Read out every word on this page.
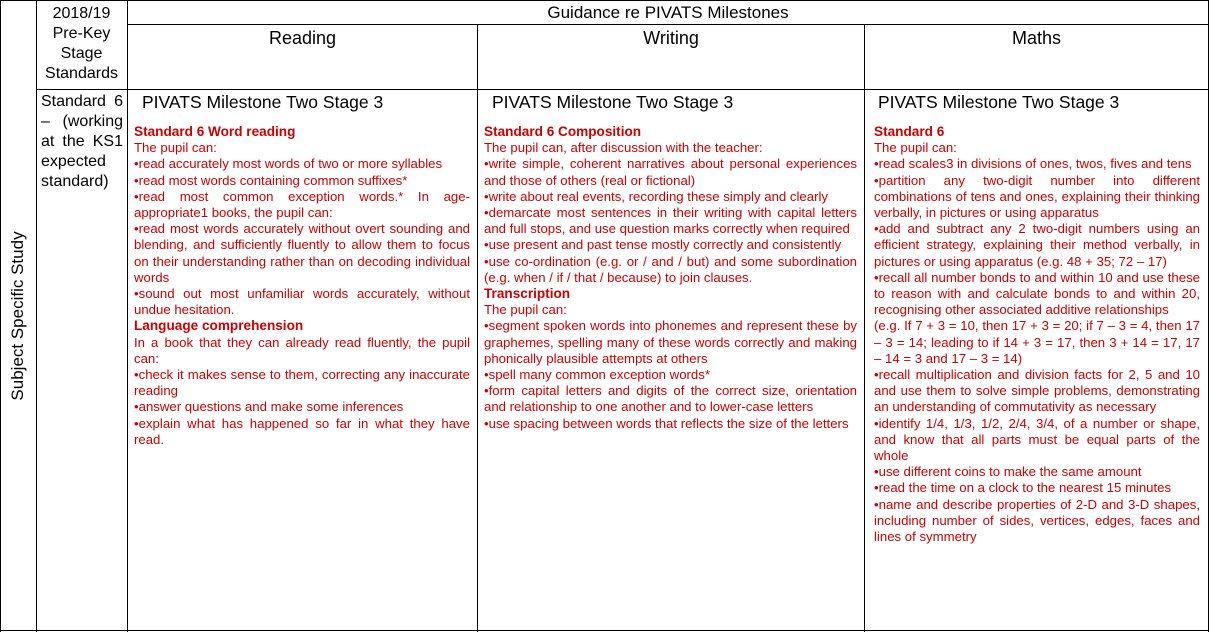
Subject Specific Study
2018/19 Pre-Key Stage Standards
Guidance re PIVATS Milestones
Reading	Writing	Maths
Standard 6 – (working at the KS1 expected standard)
PIVATS Milestone Two Stage 3
Standard 6 Word reading
The pupil can:
• read accurately most words of two or more syllables
• read most words containing common suffixes*
• read most common exception words.* In age-appropriate1 books, the pupil can:
• read most words accurately without overt sounding and blending, and sufficiently fluently to allow them to focus on their understanding rather than on decoding individual words
• sound out most unfamiliar words accurately, without undue hesitation.
Language comprehension
In a book that they can already read fluently, the pupil can:
• check it makes sense to them, correcting any inaccurate reading
• answer questions and make some inferences
• explain what has happened so far in what they have read.
PIVATS Milestone Two Stage 3
Standard 6 Composition
The pupil can, after discussion with the teacher:
• write simple, coherent narratives about personal experiences and those of others (real or fictional)
• write about real events, recording these simply and clearly
• demarcate most sentences in their writing with capital letters and full stops, and use question marks correctly when required
• use present and past tense mostly correctly and consistently
• use co-ordination (e.g. or / and / but) and some subordination (e.g. when / if / that / because) to join clauses.
Transcription
The pupil can:
• segment spoken words into phonemes and represent these by graphemes, spelling many of these words correctly and making phonically plausible attempts at others
• spell many common exception words*
• form capital letters and digits of the correct size, orientation and relationship to one another and to lower-case letters
• use spacing between words that reflects the size of the letters
PIVATS Milestone Two Stage 3
Standard 6
The pupil can:
• read scales3 in divisions of ones, twos, fives and tens
• partition any two-digit number into different combinations of tens and ones, explaining their thinking verbally, in pictures or using apparatus
• add and subtract any 2 two-digit numbers using an efficient strategy, explaining their method verbally, in pictures or using apparatus (e.g. 48 + 35; 72 – 17)
• recall all number bonds to and within 10 and use these to reason with and calculate bonds to and within 20, recognising other associated additive relationships
(e.g. If 7 + 3 = 10, then 17 + 3 = 20; if 7 – 3 = 4, then 17 – 3 = 14; leading to if 14 + 3 = 17, then 3 + 14 = 17, 17 – 14 = 3 and 17 – 3 = 14)
• recall multiplication and division facts for 2, 5 and 10 and use them to solve simple problems, demonstrating an understanding of commutativity as necessary
• identify 1/4, 1/3, 1/2, 2/4, 3/4, of a number or shape, and know that all parts must be equal parts of the whole
• use different coins to make the same amount
• read the time on a clock to the nearest 15 minutes
• name and describe properties of 2-D and 3-D shapes, including number of sides, vertices, edges, faces and lines of symmetry
